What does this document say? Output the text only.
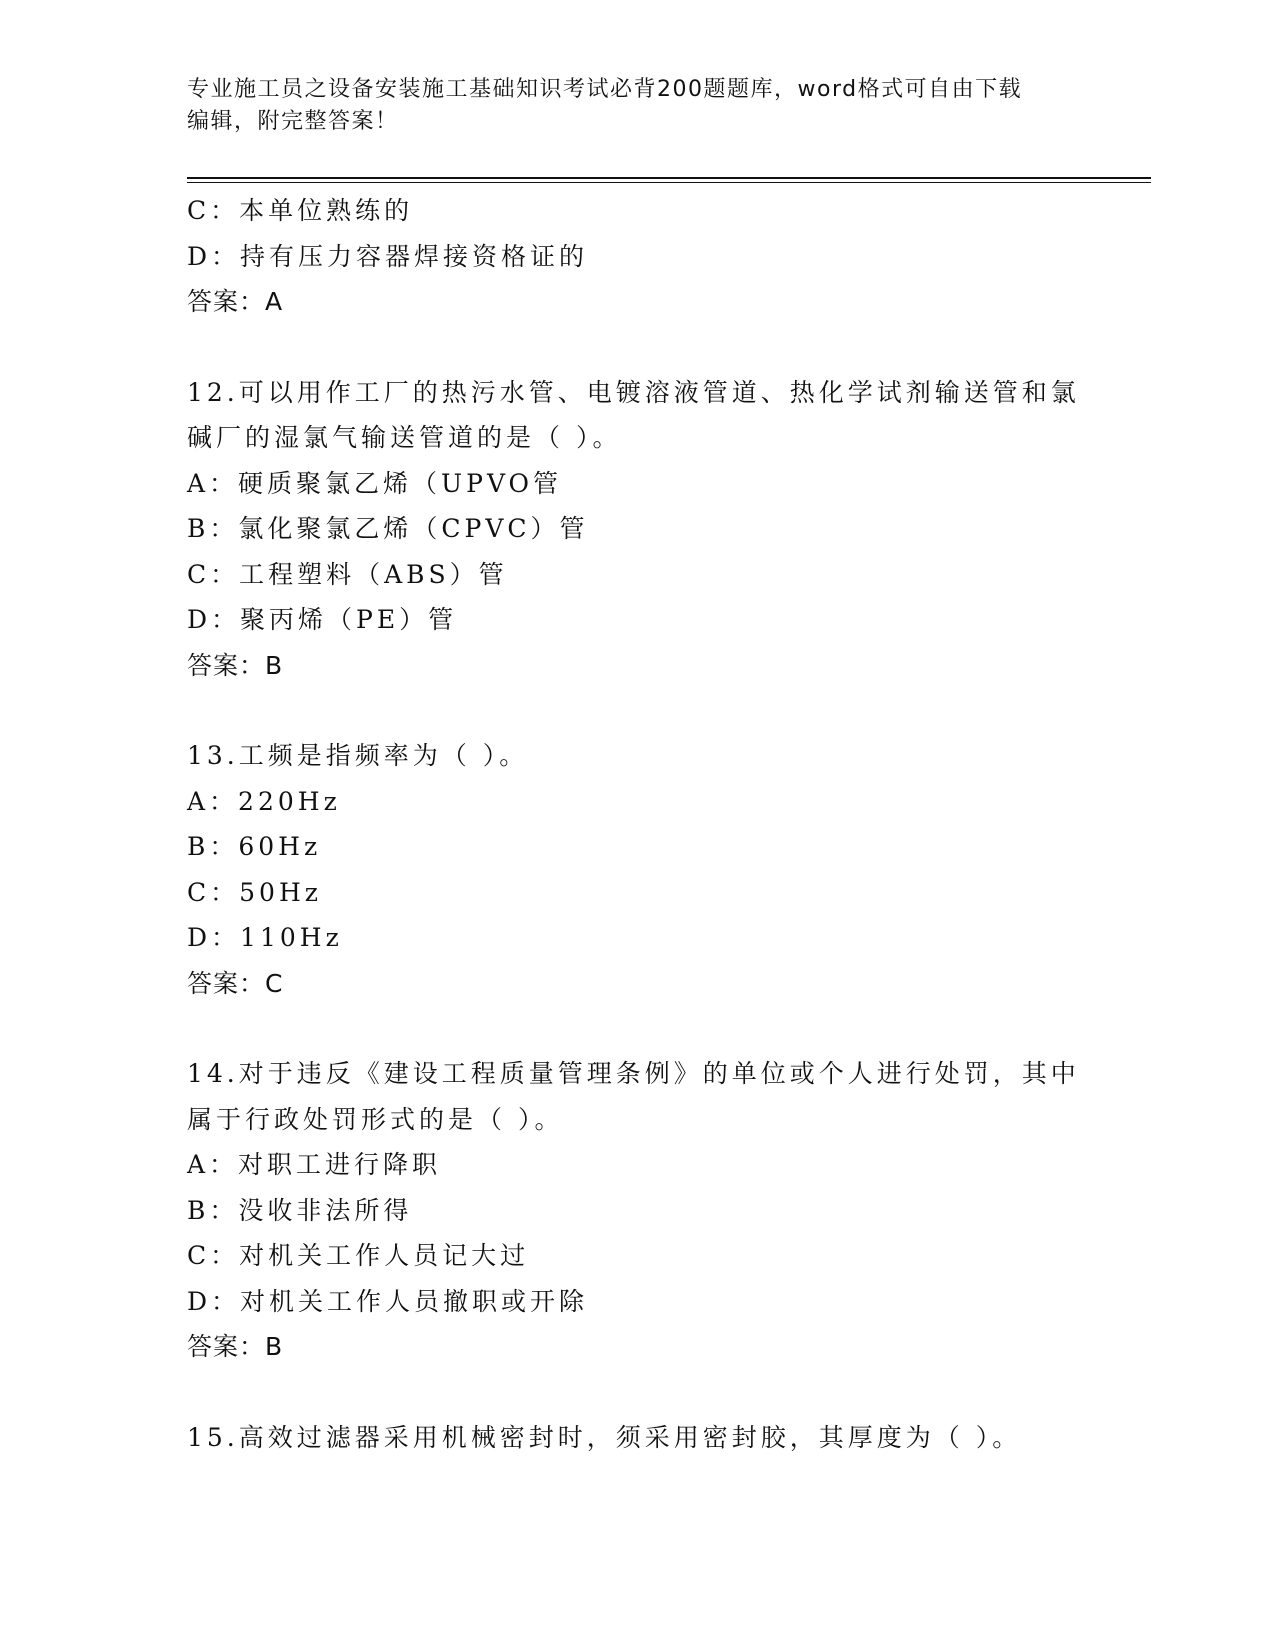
专业施工员之设备安装施工基础知识考试必背200题题库，word格式可自由下载
编辑，附完整答案！
C：本单位熟练的
D：持有压力容器焊接资格证的
答案：A
12.可以用作工厂的热污水管、电镀溶液管道、热化学试剂输送管和氯
碱厂的湿氯气输送管道的是（ ）。
A：硬质聚氯乙烯（UPVO管
B：氯化聚氯乙烯（CPVC）管
C：工程塑料（ABS）管
D：聚丙烯（PE）管
答案：B
13.工频是指频率为（ ）。
A：220Hz
B：60Hz
C：50Hz
D：110Hz
答案：C
14.对于违反《建设工程质量管理条例》的单位或个人进行处罚，其中
属于行政处罚形式的是（ ）。
A：对职工进行降职
B：没收非法所得
C：对机关工作人员记大过
D：对机关工作人员撤职或开除
答案：B
15.高效过滤器采用机械密封时，须采用密封胶，其厚度为（ ）。
